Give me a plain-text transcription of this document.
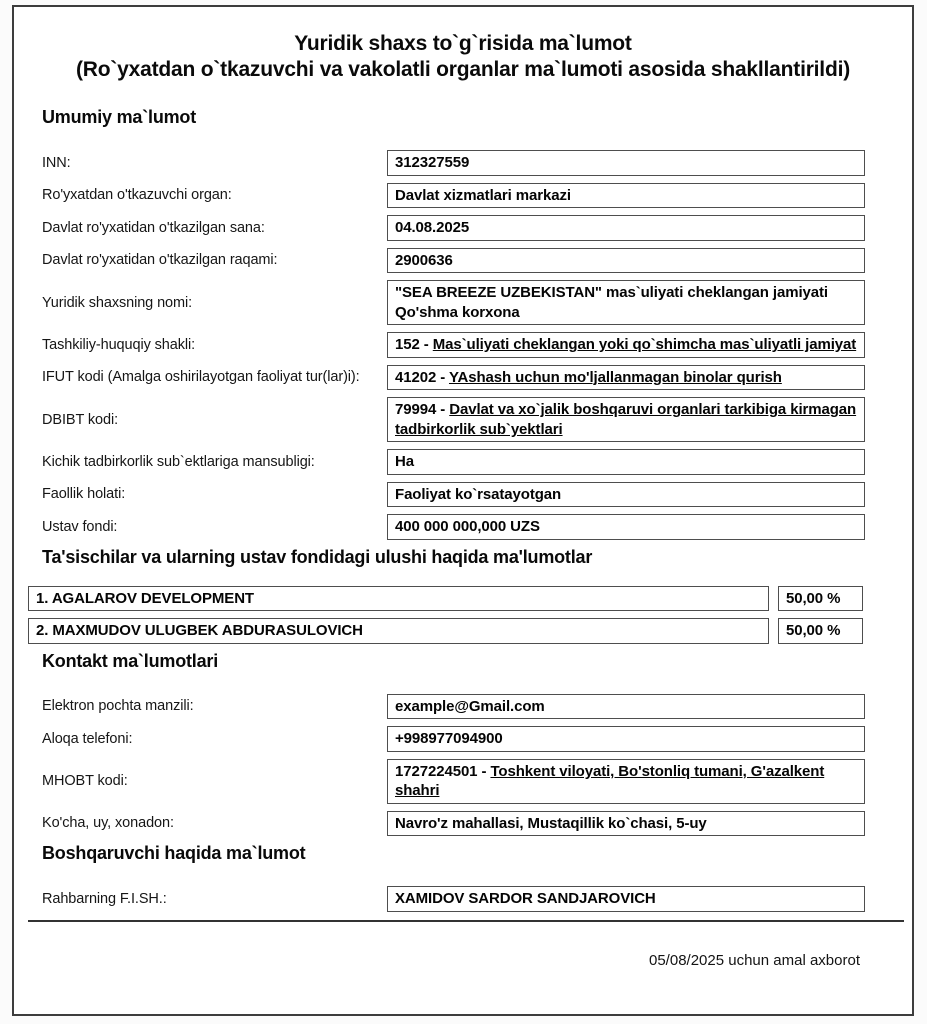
Yuridik shaxs to`g`risida ma`lumot
(Ro`yxatdan o`tkazuvchi va vakolatli organlar ma`lumoti asosida shakllantirildi)
Umumiy ma`lumot
INN:	312327559
Ro'yxatdan o'tkazuvchi organ:	Davlat xizmatlari markazi
Davlat ro'yxatidan o'tkazilgan sana:	04.08.2025
Davlat ro'yxatidan o'tkazilgan raqami:	2900636
Yuridik shaxsning nomi:
"SEA BREEZE UZBEKISTAN" mas`uliyati cheklangan jamiyati Qo'shma korxona
Tashkiliy-huquqiy shakli:	152 - Mas`uliyati cheklangan yoki qo`shimcha mas`uliyatli jamiyat
IFUT kodi (Amalga oshirilayotgan faoliyat tur(lar)i):	41202 - YAshash uchun mo'ljallanmagan binolar qurish
DBIBT kodi:
79994 - Davlat va xo`jalik boshqaruvi organlari tarkibiga kirmagan tadbirkorlik sub`yektlari
Kichik tadbirkorlik sub`ektlariga mansubligi:	Ha
Faollik holati:	Faoliyat ko`rsatayotgan
Ustav fondi:	400 000 000,000 UZS
Ta'sischilar va ularning ustav fondidagi ulushi haqida ma'lumotlar
1. AGALAROV DEVELOPMENT	50,00 %
2. MAXMUDOV ULUGBEK ABDURASULOVICH	50,00 %
Kontakt ma`lumotlari
Elektron pochta manzili:	example@Gmail.com
Aloqa telefoni:	+998977094900
MHOBT kodi:
1727224501 - Toshkent viloyati, Bo'stonliq tumani, G'azalkent shahri
Ko'cha, uy, xonadon:	Navro'z mahallasi, Mustaqillik ko`chasi, 5-uy
Boshqaruvchi haqida ma`lumot
Rahbarning F.I.SH.:	XAMIDOV SARDOR SANDJAROVICH
05/08/2025 uchun amal axborot
